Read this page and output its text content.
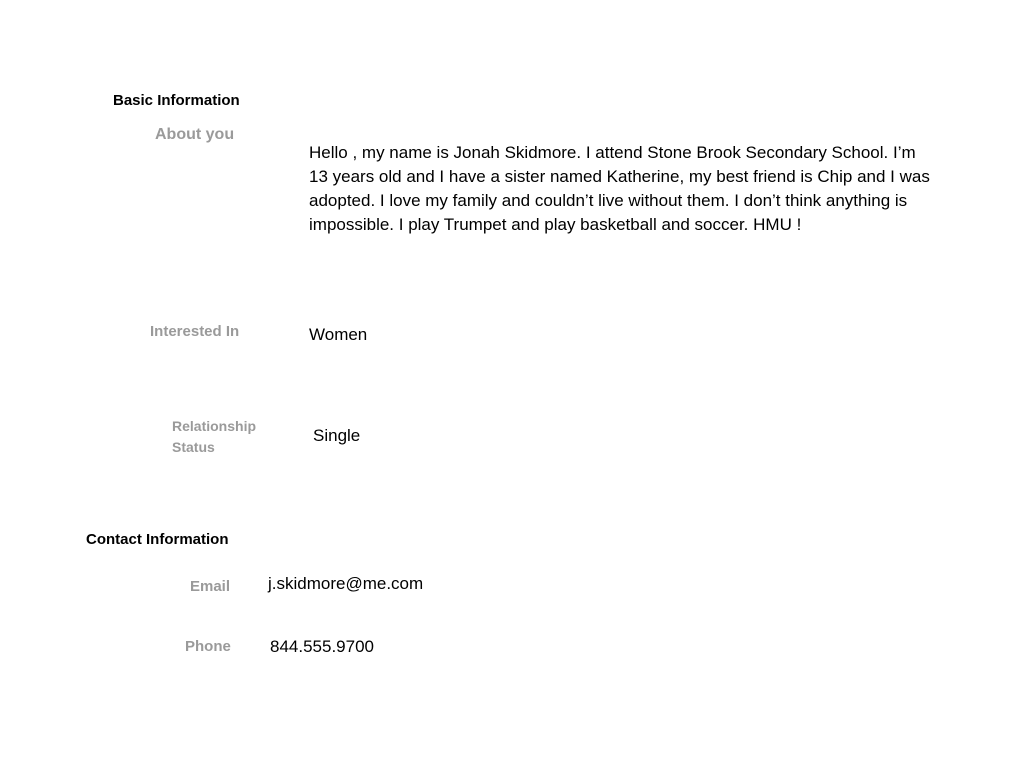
Basic Information
About you

Hello , my name is Jonah Skidmore. I attend Stone Brook Secondary School. I’m 13 years old and I have a sister named Katherine, my best friend is Chip and I was adopted. I love my family and couldn’t live without them. I don’t think anything is impossible. I play Trumpet and play basketball and soccer. HMU !

Interested In	Women
Relationship Status
Single
Contact Information
Email j.skidmore@me.com
Phone 844.555.9700
